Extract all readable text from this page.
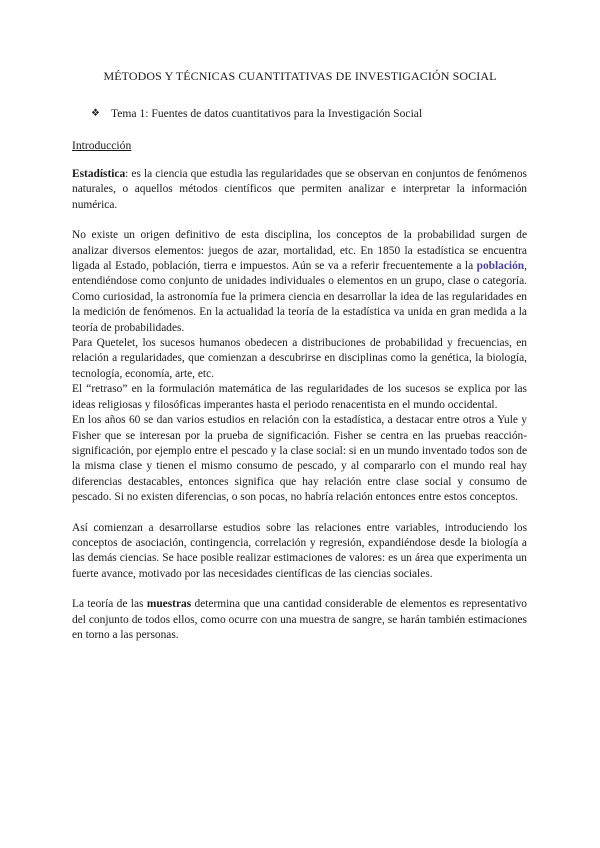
MÉTODOS Y TÉCNICAS CUANTITATIVAS DE INVESTIGACIÓN SOCIAL
❖ Tema 1: Fuentes de datos cuantitativos para la Investigación Social
Introducción

Estadística: es la ciencia que estudia las regularidades que se observan en conjuntos de fenómenos naturales, o aquellos métodos científicos que permiten analizar e interpretar la información numérica.

No existe un origen definitivo de esta disciplina, los conceptos de la probabilidad surgen de analizar diversos elementos: juegos de azar, mortalidad, etc. En 1850 la estadística se encuentra ligada al Estado, población, tierra e impuestos. Aún se va a referir frecuentemente a la población, entendiéndose como conjunto de unidades individuales o elementos en un grupo, clase o categoría. Como curiosidad, la astronomía fue la primera ciencia en desarrollar la idea de las regularidades en la medición de fenómenos. En la actualidad la teoría de la estadística va unida en gran medida a la teoría de probabilidades.

Para Quetelet, los sucesos humanos obedecen a distribuciones de probabilidad y frecuencias, en relación a regularidades, que comienzan a descubrirse en disciplinas como la genética, la biología, tecnología, economía, arte, etc.

El “retraso” en la formulación matemática de las regularidades de los sucesos se explica por las ideas religiosas y filosóficas imperantes hasta el periodo renacentista en el mundo occidental.

En los años 60 se dan varios estudios en relación con la estadística, a destacar entre otros a Yule y Fisher que se interesan por la prueba de significación. Fisher se centra en las pruebas reacción-significación, por ejemplo entre el pescado y la clase social: si en un mundo inventado todos son de la misma clase y tienen el mismo consumo de pescado, y al compararlo con el mundo real hay diferencias destacables, entonces significa que hay relación entre clase social y consumo de pescado. Si no existen diferencias, o son pocas, no habría relación entonces entre estos conceptos.

Así comienzan a desarrollarse estudios sobre las relaciones entre variables, introduciendo los conceptos de asociación, contingencia, correlación y regresión, expandiéndose desde la biología a las demás ciencias. Se hace posible realizar estimaciones de valores: es un área que experimenta un fuerte avance, motivado por las necesidades científicas de las ciencias sociales.

La teoría de las muestras determina que una cantidad considerable de elementos es representativo del conjunto de todos ellos, como ocurre con una muestra de sangre, se harán también estimaciones en torno a las personas.
